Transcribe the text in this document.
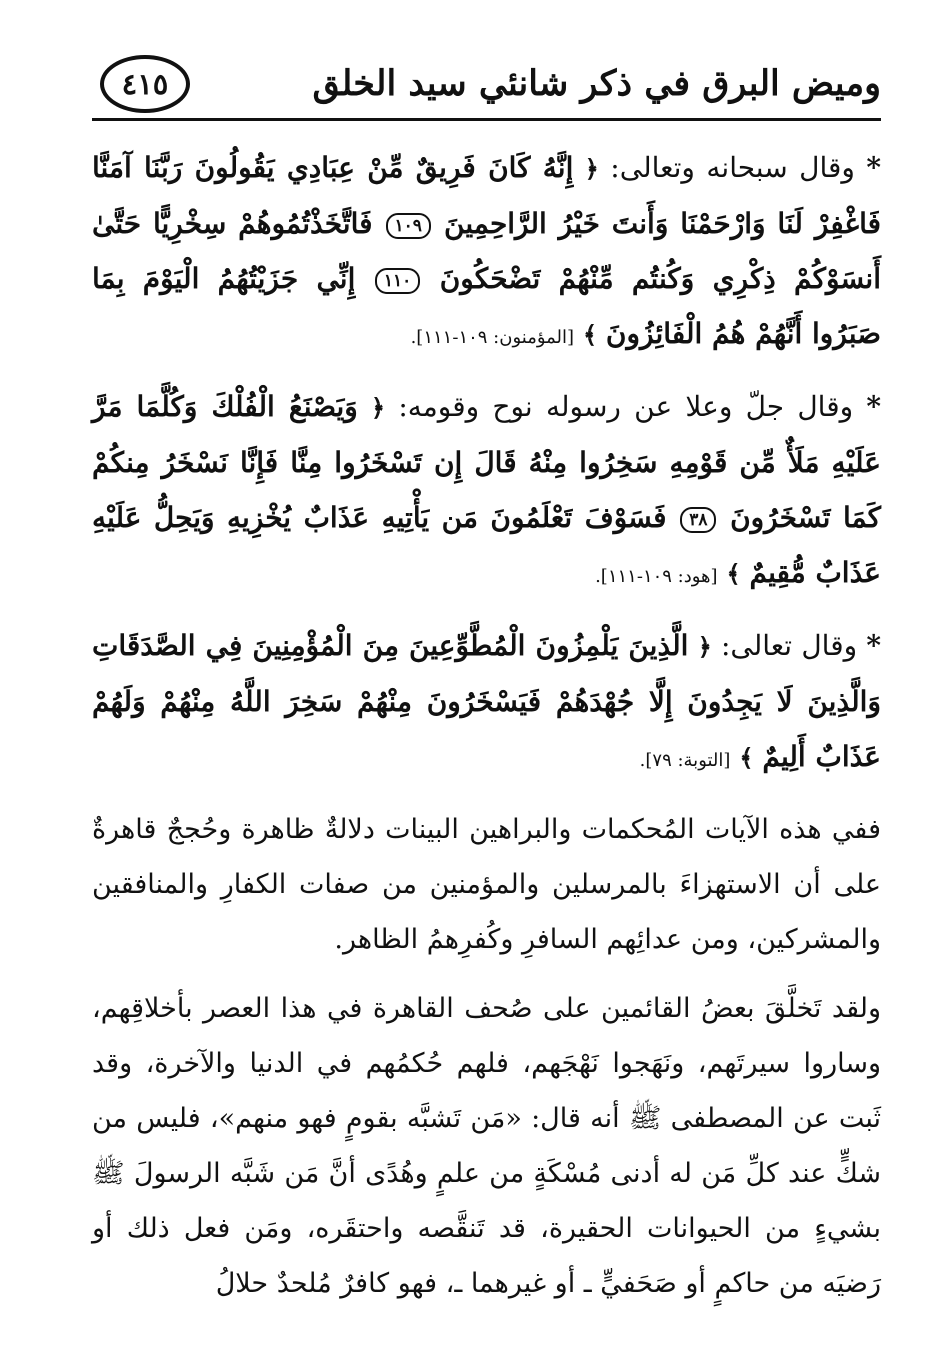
وميض البرق في ذكر شانئي سيد الخلق
٤١٥

* وقال سبحانه وتعالى: ﴿ إِنَّهُ كَانَ فَرِيقٌ مِّنْ عِبَادِي يَقُولُونَ رَبَّنَا آمَنَّا فَاغْفِرْ لَنَا وَارْحَمْنَا وَأَنتَ خَيْرُ الرَّاحِمِينَ ١٠٩ فَاتَّخَذْتُمُوهُمْ سِخْرِيًّا حَتَّىٰ أَنسَوْكُمْ ذِكْرِي وَكُنتُم مِّنْهُمْ تَضْحَكُونَ ١١٠ إِنِّي جَزَيْتُهُمُ الْيَوْمَ بِمَا صَبَرُوا أَنَّهُمْ هُمُ الْفَائِزُونَ ﴾ [المؤمنون: ١٠٩-١١١].

* وقال جلّ وعلا عن رسوله نوح وقومه: ﴿ وَيَصْنَعُ الْفُلْكَ وَكُلَّمَا مَرَّ عَلَيْهِ مَلَأٌ مِّن قَوْمِهِ سَخِرُوا مِنْهُ قَالَ إِن تَسْخَرُوا مِنَّا فَإِنَّا نَسْخَرُ مِنكُمْ كَمَا تَسْخَرُونَ ٣٨ فَسَوْفَ تَعْلَمُونَ مَن يَأْتِيهِ عَذَابٌ يُخْزِيهِ وَيَحِلُّ عَلَيْهِ عَذَابٌ مُّقِيمٌ ﴾ [هود: ١٠٩-١١١].

* وقال تعالى: ﴿ الَّذِينَ يَلْمِزُونَ الْمُطَّوِّعِينَ مِنَ الْمُؤْمِنِينَ فِي الصَّدَقَاتِ وَالَّذِينَ لَا يَجِدُونَ إِلَّا جُهْدَهُمْ فَيَسْخَرُونَ مِنْهُمْ سَخِرَ اللَّهُ مِنْهُمْ وَلَهُمْ عَذَابٌ أَلِيمٌ ﴾ [التوبة: ٧٩].

ففي هذه الآيات المُحكمات والبراهين البينات دلالةٌ ظاهرة وحُججٌ قاهرةٌ على أن الاستهزاءَ بالمرسلين والمؤمنين من صفات الكفارِ والمنافقين والمشركين، ومن عدائِهم السافرِ وكُفرِهمُ الظاهر.

ولقد تَخلَّقَ بعضُ القائمين على صُحف القاهرة في هذا العصر بأخلاقِهم، وساروا سيرتَهم، ونَهَجوا نَهْجَهم، فلهم حُكمُهم في الدنيا والآخرة، وقد ثَبت عن المصطفى ﷺ أنه قال: «مَن تَشبَّه بقومٍ فهو منهم»، فليس من شكٍّ عند كلِّ مَن له أدنى مُسْكَةٍ من علمٍ وهُدًى أنَّ مَن شَبَّه الرسولَ ﷺ بشيءٍ من الحيوانات الحقيرة، قد تَنقَّصه واحتقَره، ومَن فعل ذلك أو رَضيَه من حاكمٍ أو صَحَفيٍّ ـ أو غيرهما ـ، فهو كافرٌ مُلحدٌ حلالُ
